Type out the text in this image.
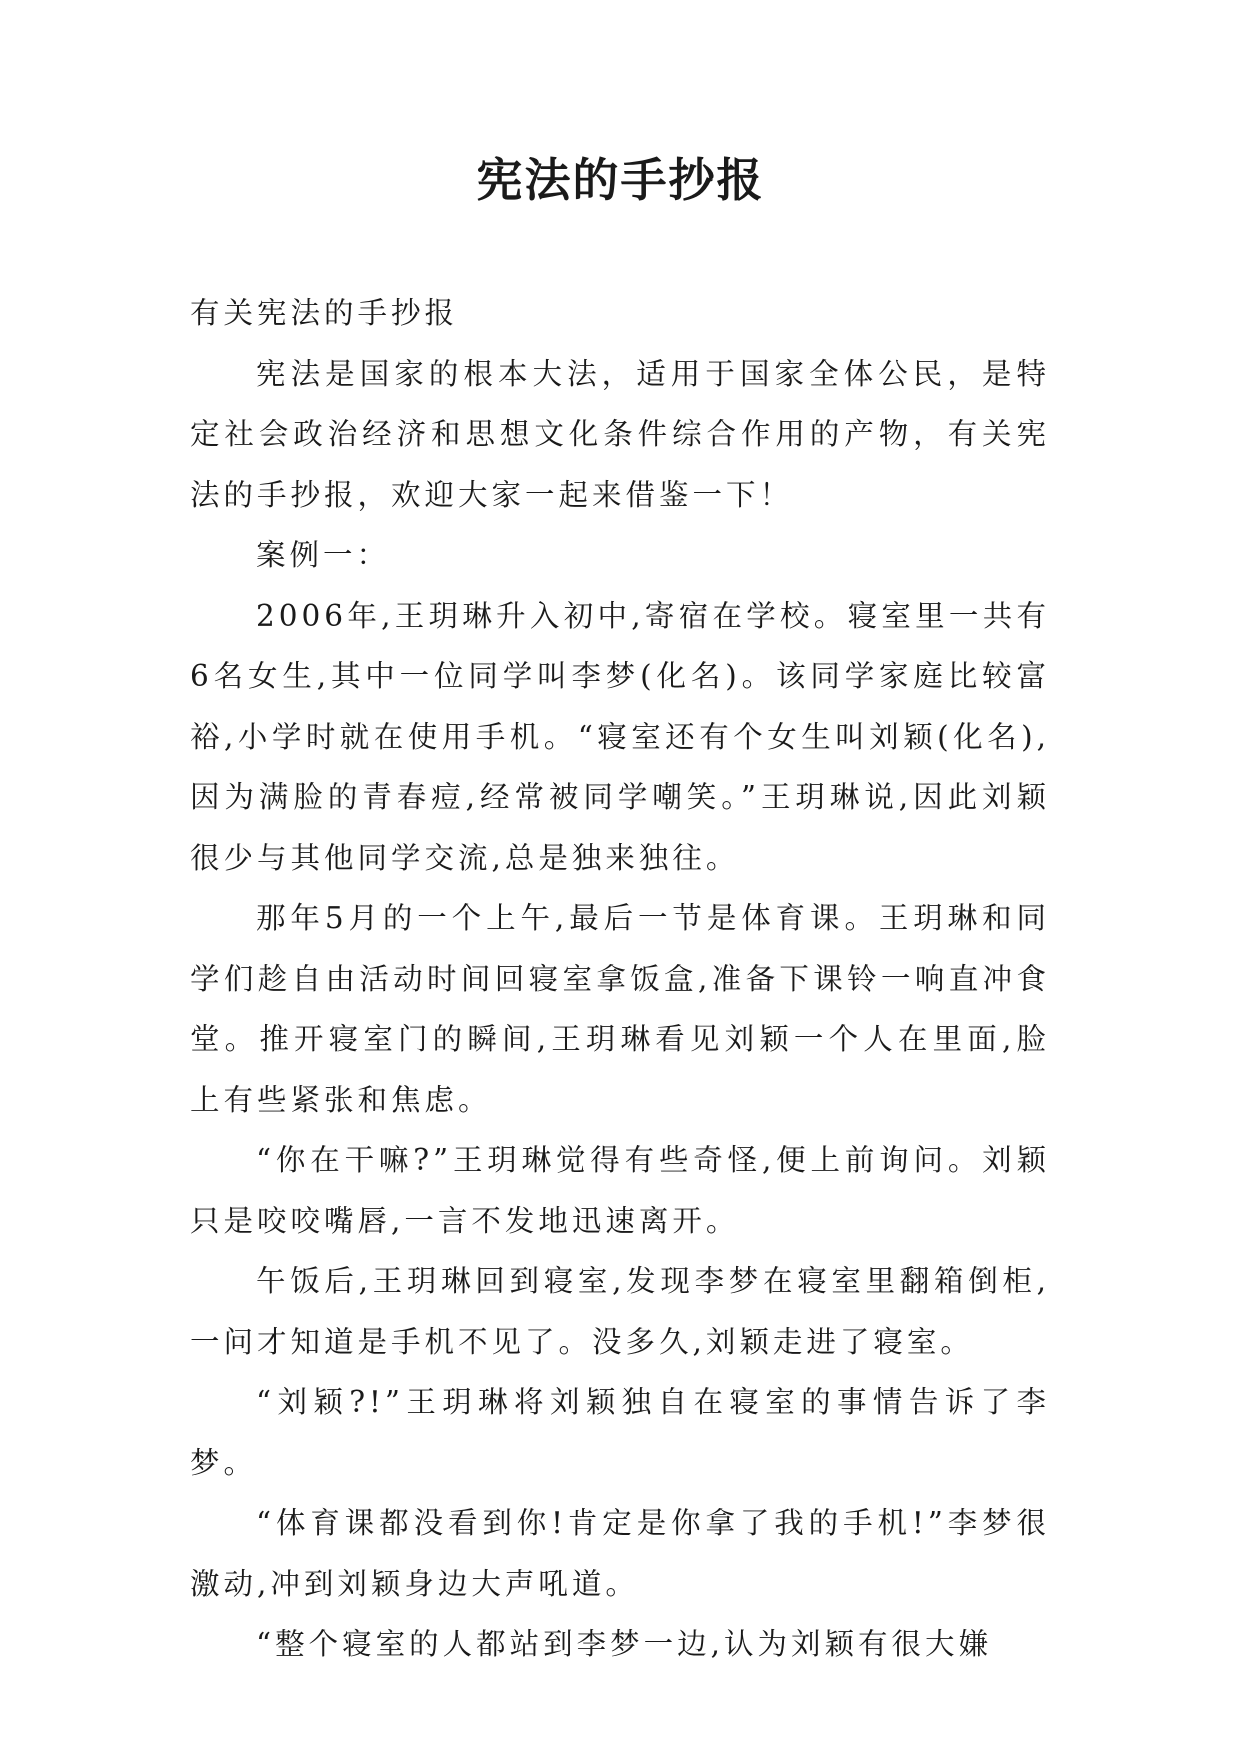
宪法的手抄报

有关宪法的手抄报

宪法是国家的根本大法，适用于国家全体公民，是特定社会政治经济和思想文化条件综合作用的产物，有关宪法的手抄报，欢迎大家一起来借鉴一下！

案例一：

2006年,王玥琳升入初中,寄宿在学校。寝室里一共有6名女生,其中一位同学叫李梦(化名)。该同学家庭比较富裕,小学时就在使用手机。“寝室还有个女生叫刘颖(化名),因为满脸的青春痘,经常被同学嘲笑。”王玥琳说,因此刘颖很少与其他同学交流,总是独来独往。

那年5月的一个上午,最后一节是体育课。王玥琳和同学们趁自由活动时间回寝室拿饭盒,准备下课铃一响直冲食堂。推开寝室门的瞬间,王玥琳看见刘颖一个人在里面,脸上有些紧张和焦虑。

“你在干嘛?”王玥琳觉得有些奇怪,便上前询问。刘颖只是咬咬嘴唇,一言不发地迅速离开。

午饭后,王玥琳回到寝室,发现李梦在寝室里翻箱倒柜,一问才知道是手机不见了。没多久,刘颖走进了寝室。

“刘颖?!”王玥琳将刘颖独自在寝室的事情告诉了李梦。

“体育课都没看到你!肯定是你拿了我的手机!”李梦很激动,冲到刘颖身边大声吼道。

“整个寝室的人都站到李梦一边,认为刘颖有很大嫌
